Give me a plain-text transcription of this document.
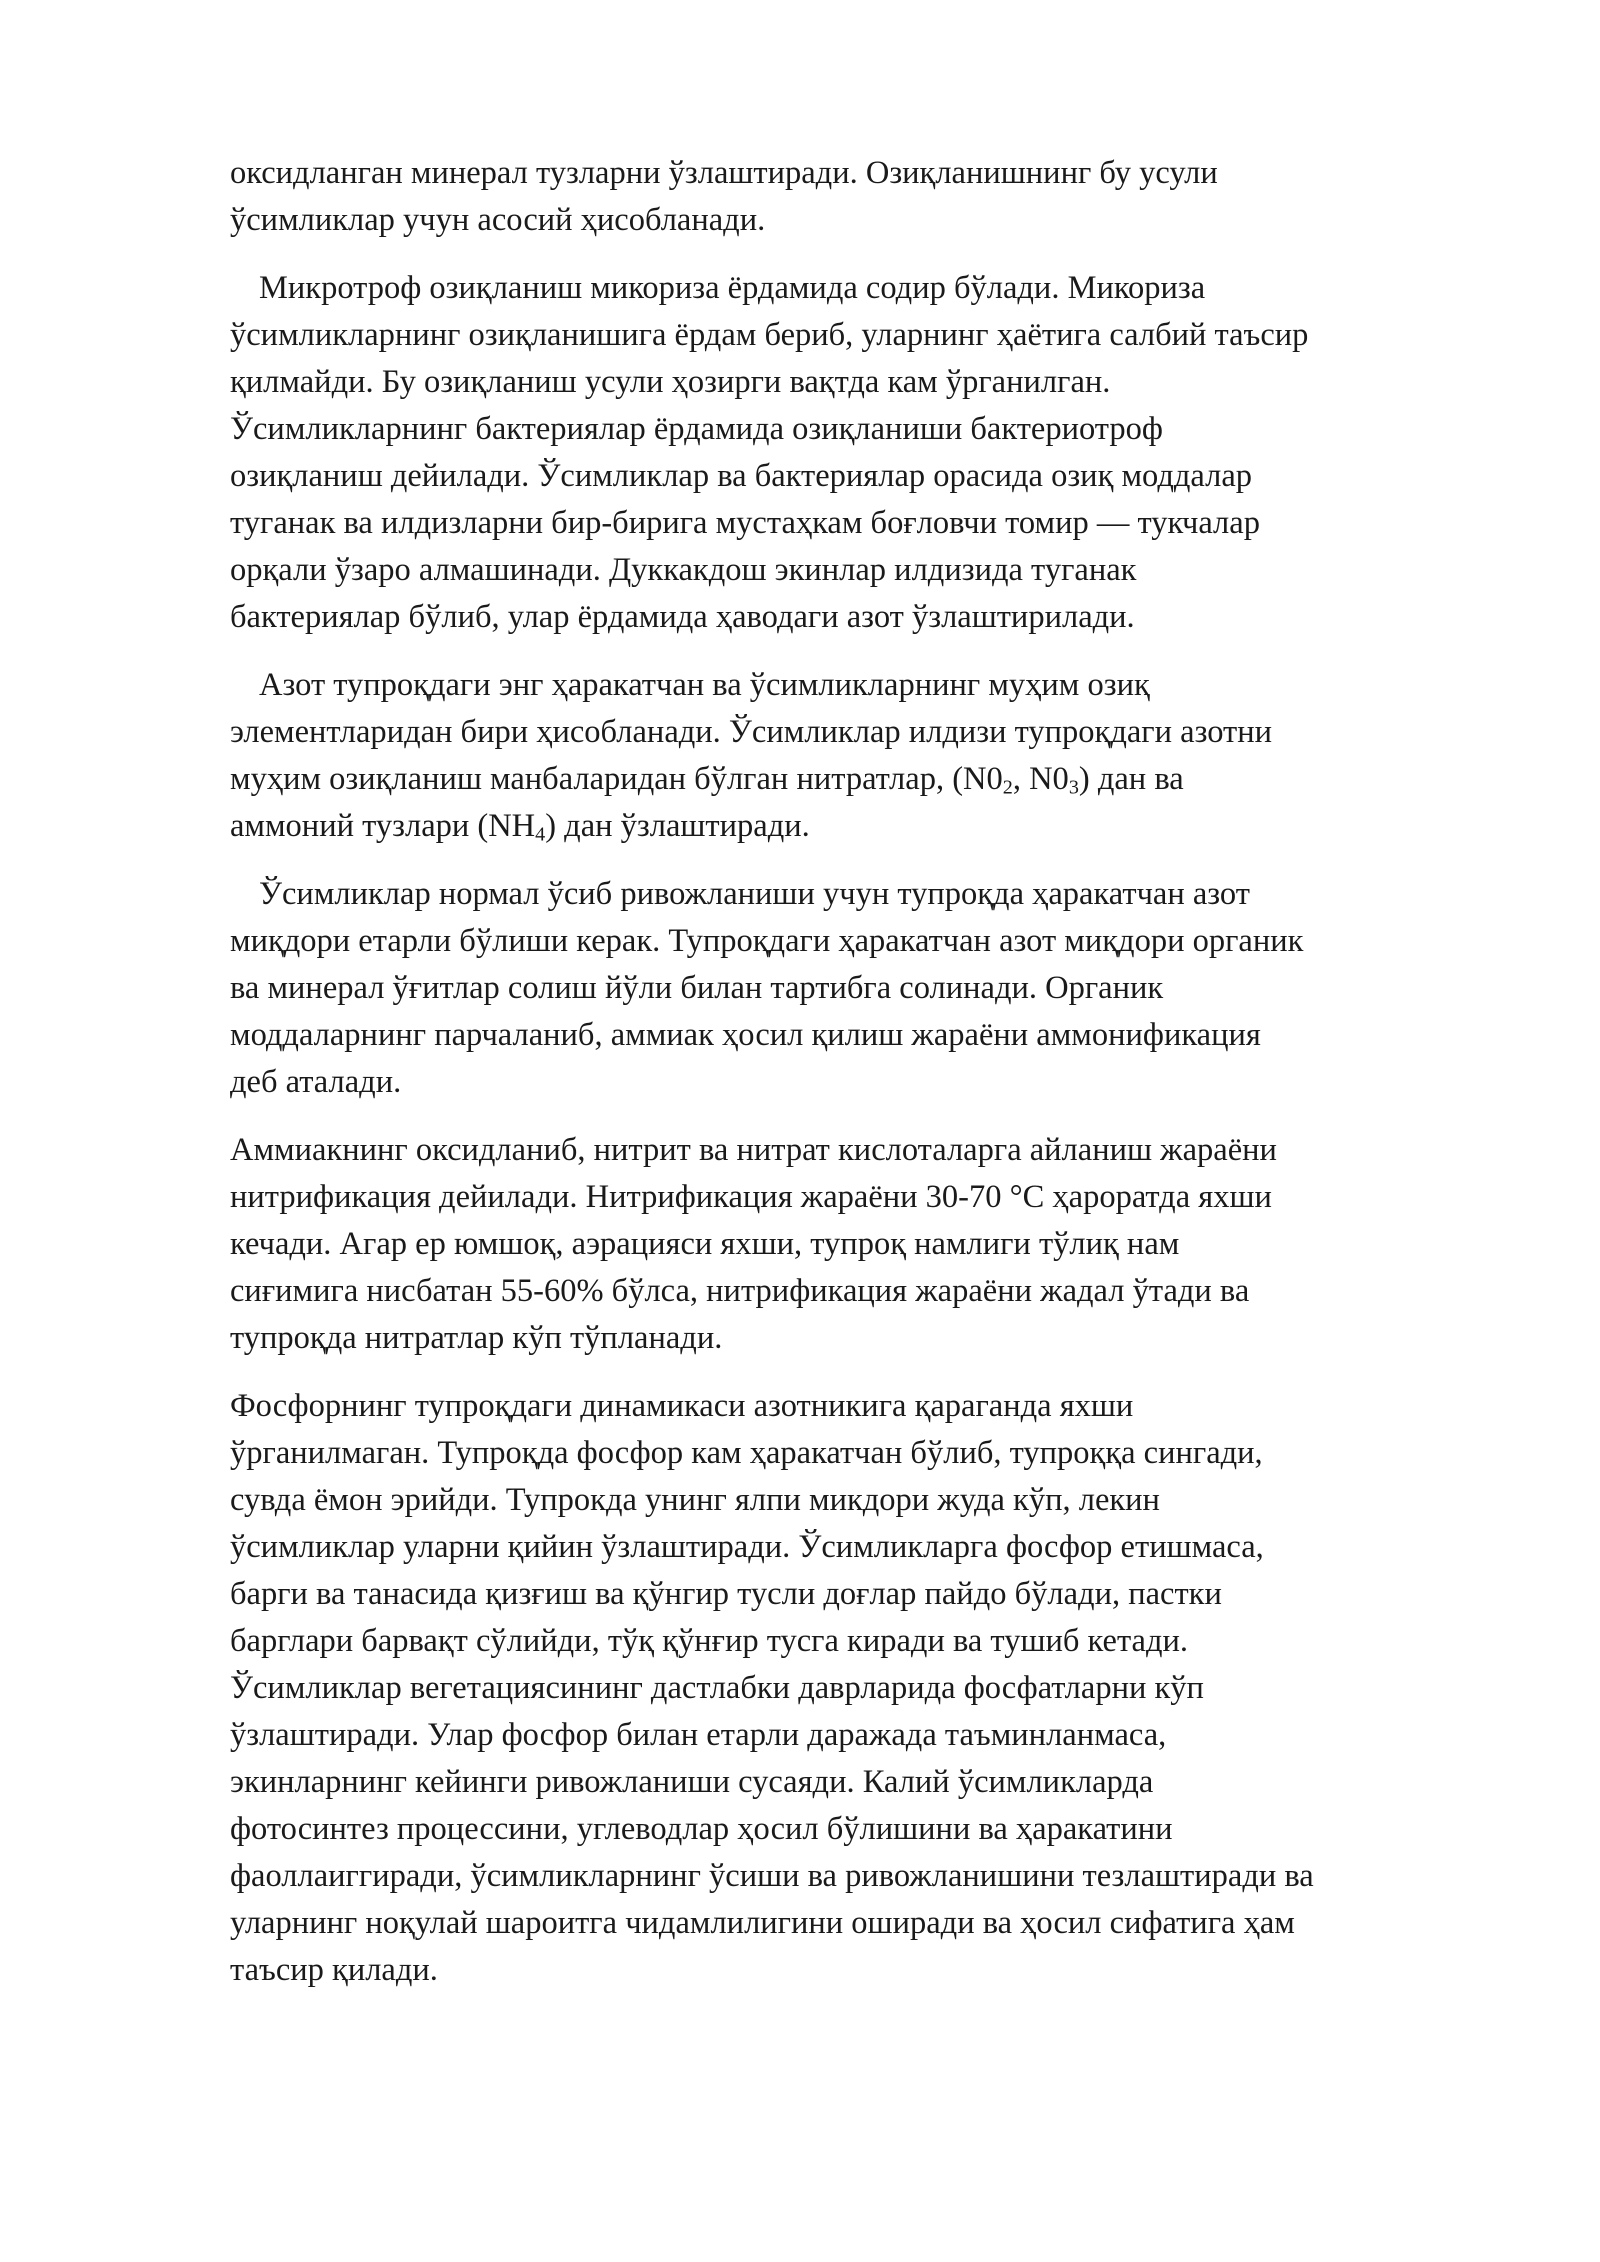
оксидланган минерал тузларни ўзлаштиради. Озиқланишнинг бу усули
ўсимликлар учун асосий ҳисобланади.

Микротроф озиқланиш микориза ёрдамида содир бўлади. Микориза
ўсимликларнинг озиқланишига ёрдам бериб, уларнинг ҳаётига салбий таъсир
қилмайди. Бу озиқланиш усули ҳозирги вақтда кам ўрганилган.
Ўсимликларнинг бактериялар ёрдамида озиқланиши бактериотроф
озиқланиш дейилади. Ўсимликлар ва бактериялар орасида озиқ моддалар
туганак ва илдизларни бир-бирига мустаҳкам боғловчи томир — тукчалар
орқали ўзаро алмашинади. Дуккакдош экинлар илдизида туганак
бактериялар бўлиб, улар ёрдамида ҳаводаги азот ўзлаштирилади.

Азот тупроқдаги энг ҳаракатчан ва ўсимликларнинг муҳим озиқ
элементларидан бири ҳисобланади. Ўсимликлар илдизи тупроқдаги азотни
муҳим озиқланиш манбаларидан бўлган нитратлар, ($N0_2$, $N0_3$) дан ва
аммоний тузлари $(NH_4)$ дан ўзлаштиради.

Ўсимликлар нормал ўсиб ривожланиши учун тупроқда ҳаракатчан азот
миқдори етарли бўлиши керак. Тупроқдаги ҳаракатчан азот миқдори органик
ва минерал ўғитлар солиш йўли билан тартибга солинади. Органик
моддаларнинг парчаланиб, аммиак ҳосил қилиш жараёни аммонификация
деб аталади.

Аммиакнинг оксидланиб, нитрит ва нитрат кислоталарга айланиш жараёни
нитрификация дейилади. Нитрификация жараёни 30-70 °С ҳароратда яхши
кечади. Агар ер юмшоқ, аэрацияси яхши, тупроқ намлиги тўлиқ нам
сиғимига нисбатан 55-60% бўлса, нитрификация жараёни жадал ўтади ва
тупроқда нитратлар кўп тўпланади.

Фосфорнинг тупроқдаги динамикаси азотникига қараганда яхши
ўрганилмаган. Тупроқда фосфор кам ҳаракатчан бўлиб, тупроққа сингади,
сувда ёмон эрийди. Тупрокда унинг ялпи микдори жуда кўп, лекин
ўсимликлар уларни қийин ўзлаштиради. Ўсимликларга фосфор етишмаса,
барги ва танасида қизғиш ва қўнгир тусли доғлар пайдо бўлади, пастки
барглари барвақт сўлийди, тўқ қўнғир тусга киради ва тушиб кетади.
Ўсимликлар вегетациясининг дастлабки даврларида фосфатларни кўп
ўзлаштиради. Улар фосфор билан етарли даражада таъминланмаса,
экинларнинг кейинги ривожланиши сусаяди. Калий ўсимликларда
фотосинтез процессини, углеводлар ҳосил бўлишини ва ҳаракатини
фаоллаиггиради, ўсимликларнинг ўсиши ва ривожланишини тезлаштиради ва
уларнинг ноқулай шароитга чидамлилигини оширади ва ҳосил сифатига ҳам
таъсир қилади.
